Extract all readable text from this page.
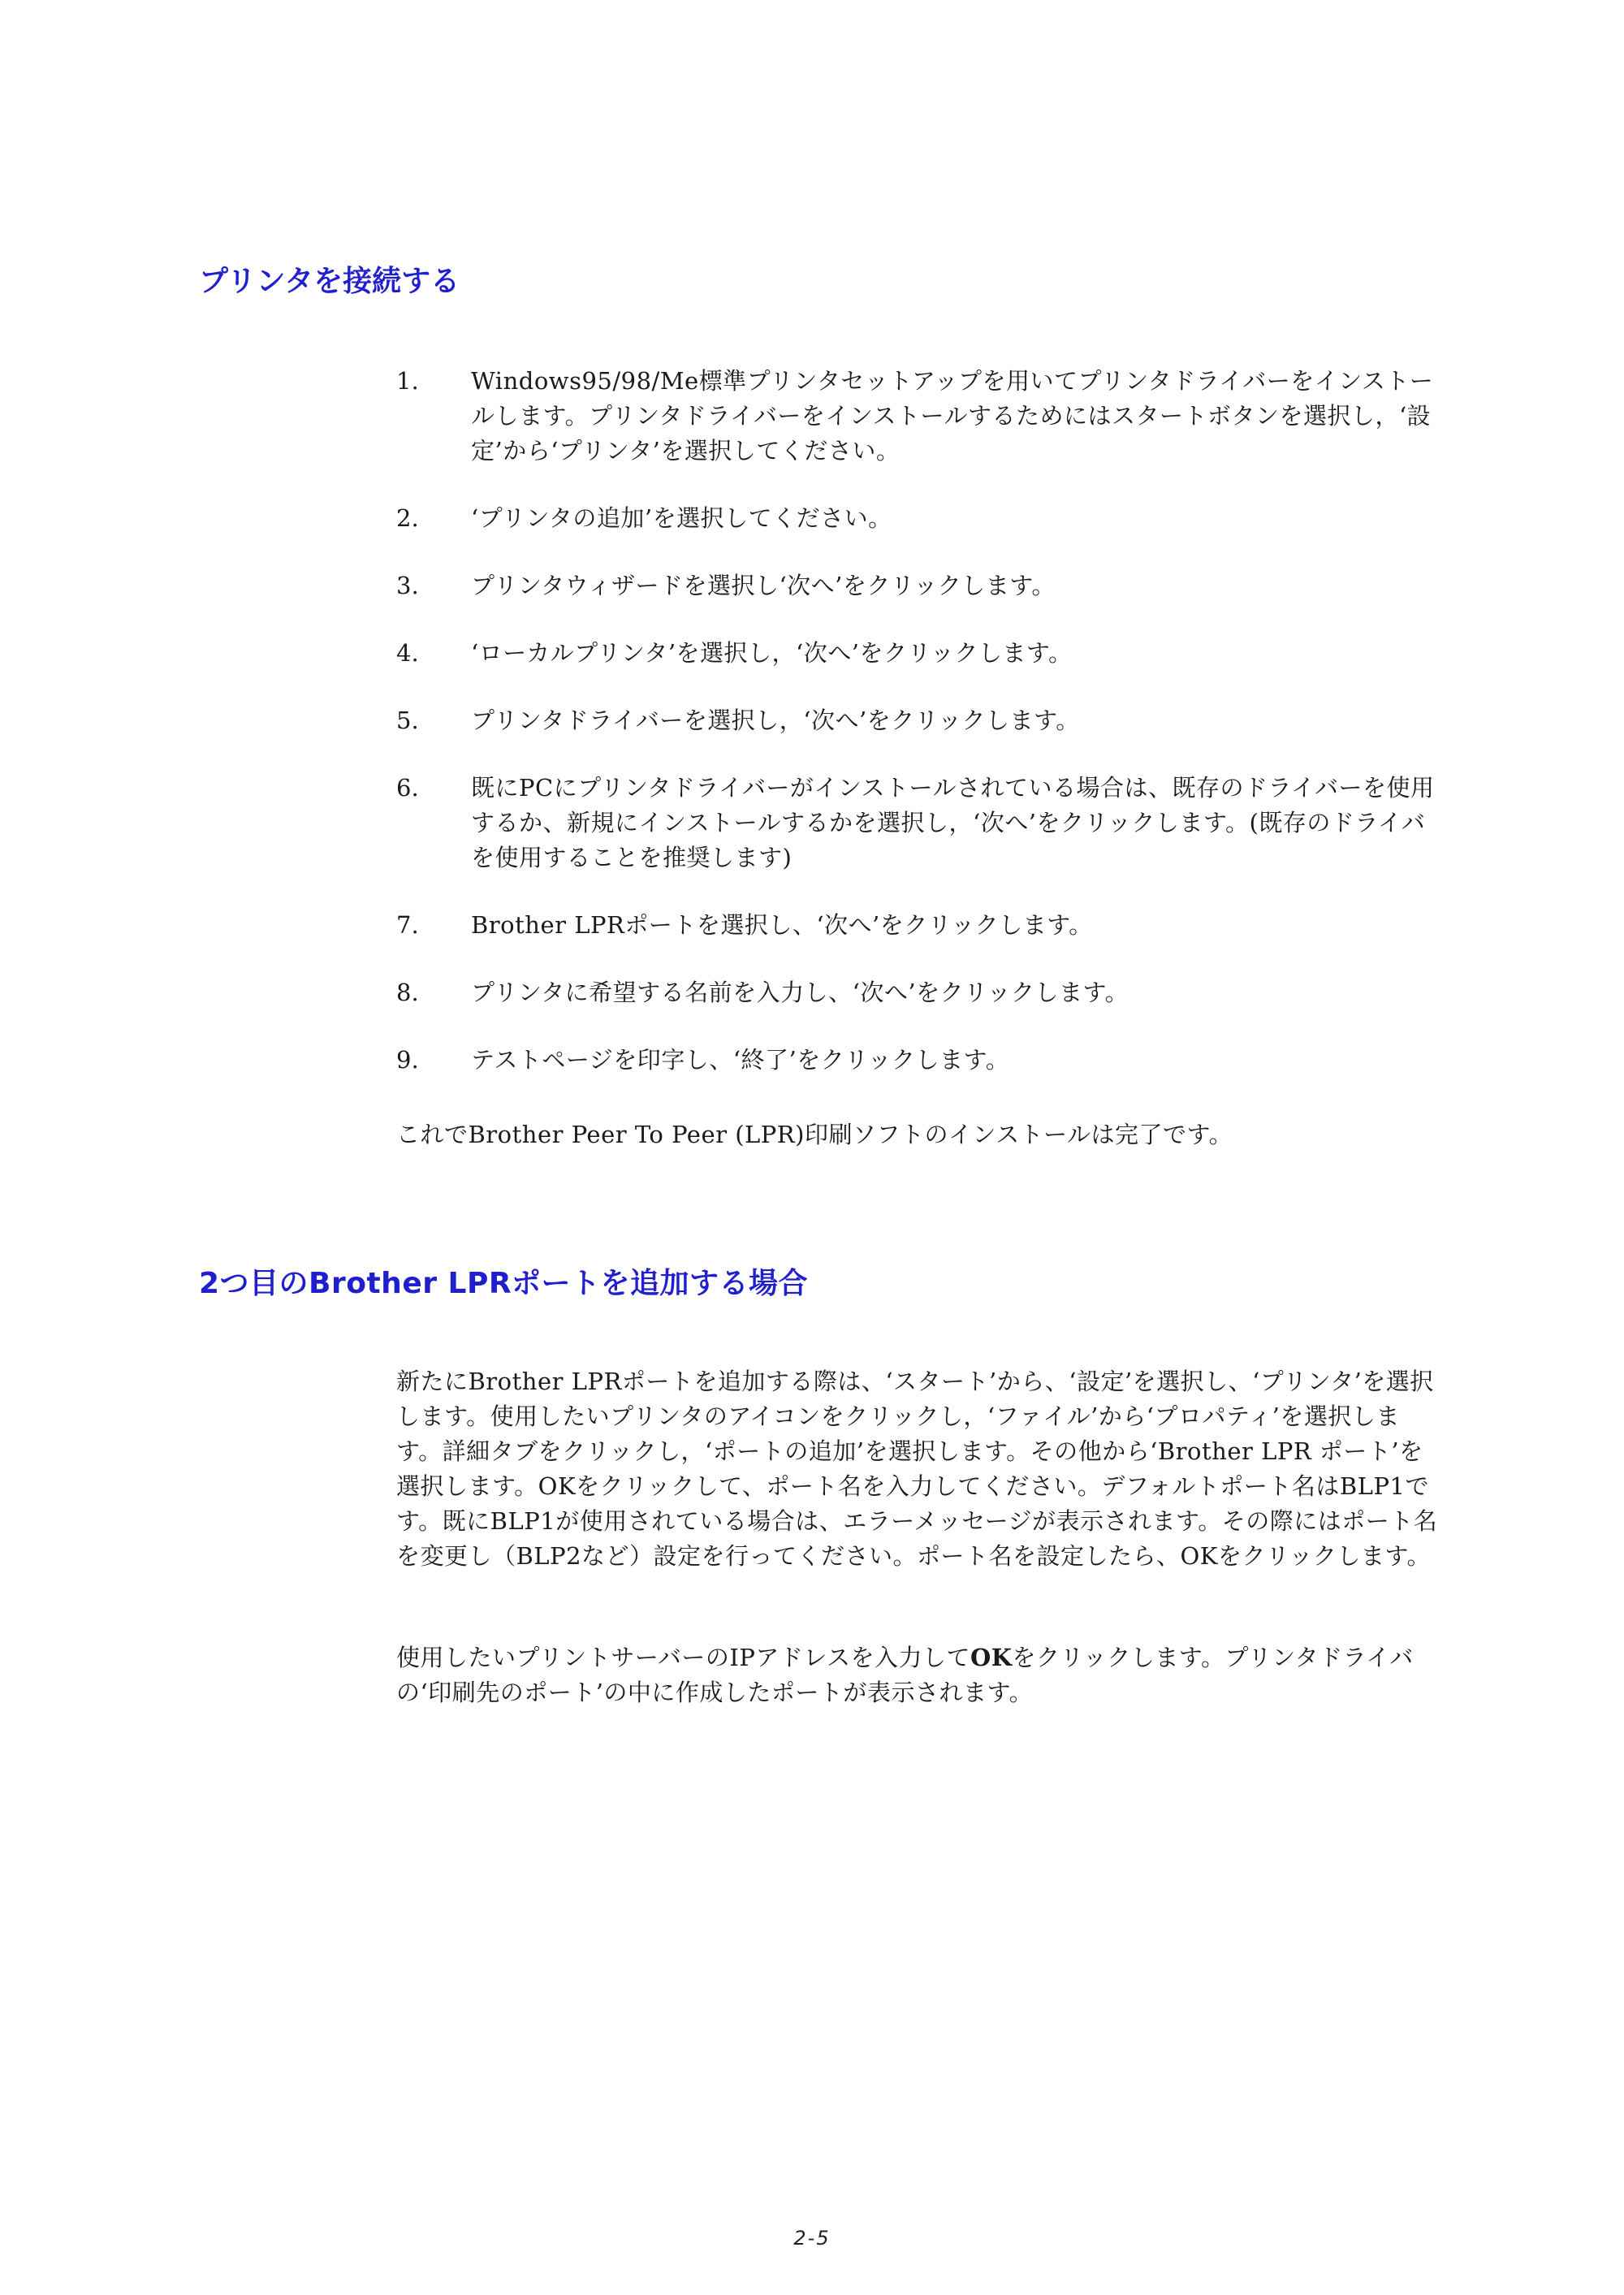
プリンタを接続する
1.	Windows95/98/Me標準プリンタセットアップを用いてプリンタドライバーをインストールします。プリンタドライバーをインストールするためにはスタートボタンを選択し，‘設定’から‘プリンタ’を選択してください。
2.	‘プリンタの追加’を選択してください。
3.	プリンタウィザードを選択し‘次へ’をクリックします。
4.	‘ローカルプリンタ’を選択し，‘次へ’をクリックします。
5.	プリンタドライバーを選択し，‘次へ’をクリックします。
6.	既にPCにプリンタドライバーがインストールされている場合は、既存のドライバーを使用するか、新規にインストールするかを選択し，‘次へ’をクリックします。(既存のドライバを使用することを推奨します)
7.	Brother LPRポートを選択し、‘次へ’をクリックします。
8.	プリンタに希望する名前を入力し、‘次へ’をクリックします。
9.	テストページを印字し、‘終了’をクリックします。

これでBrother Peer To Peer (LPR)印刷ソフトのインストールは完了です。

2つ目のBrother LPRポートを追加する場合

新たにBrother LPRポートを追加する際は、‘スタート’から、‘設定’を選択し、‘プリンタ’を選択します。使用したいプリンタのアイコンをクリックし，‘ファイル’から‘プロパティ’を選択します。詳細タブをクリックし，‘ポートの追加’を選択します。その他から‘Brother LPR ポート’を選択します。OKをクリックして、ポート名を入力してください。デフォルトポート名はBLP1です。既にBLP1が使用されている場合は、エラーメッセージが表示されます。その際にはポート名を変更し（BLP2など）設定を行ってください。ポート名を設定したら、OKをクリックします。

使用したいプリントサーバーのIPアドレスを入力してOKをクリックします。プリンタドライバの‘印刷先のポート’の中に作成したポートが表示されます。

2-5
